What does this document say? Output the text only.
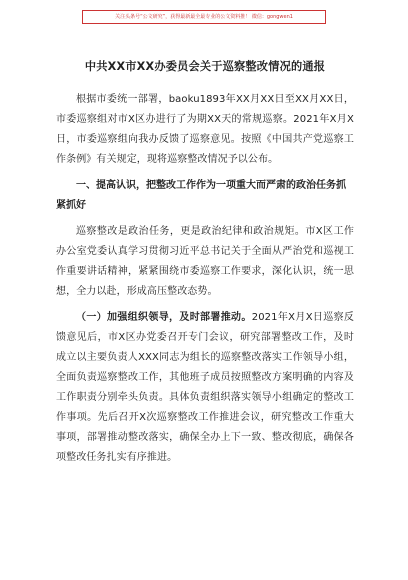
关注头条号“公文研究”，获得最新最全最专业的公文资料推！ 微信：gongwen1
中共XX市XX办委员会关于巡察整改情况的通报

根据市委统一部署，baoku1893年XX月XX日至XX月XX日，市委巡察组对市X区办进行了为期XX天的常规巡察。2021年X月X日，市委巡察组向我办反馈了巡察意见。按照《中国共产党巡察工作条例》有关规定，现将巡察整改情况予以公布。

一、提高认识，把整改工作作为一项重大而严肃的政治任务抓紧抓好

巡察整改是政治任务，更是政治纪律和政治规矩。市X区工作办公室党委认真学习贯彻习近平总书记关于全面从严治党和巡视工作重要讲话精神，紧紧围绕市委巡察工作要求，深化认识，统一思想，全力以赴，形成高压整改态势。

（一）加强组织领导，及时部署推动。2021年X月X日巡察反馈意见后，市X区办党委召开专门会议，研究部署整改工作，及时成立以主要负责人XXX同志为组长的巡察整改落实工作领导小组，全面负责巡察整改工作，其他班子成员按照整改方案明确的内容及工作职责分别牵头负责。具体负责组织落实领导小组确定的整改工作事项。先后召开X次巡察整改工作推进会议，研究整改工作重大事项，部署推动整改落实，确保全办上下一致、整改彻底，确保各项整改任务扎实有序推进。
